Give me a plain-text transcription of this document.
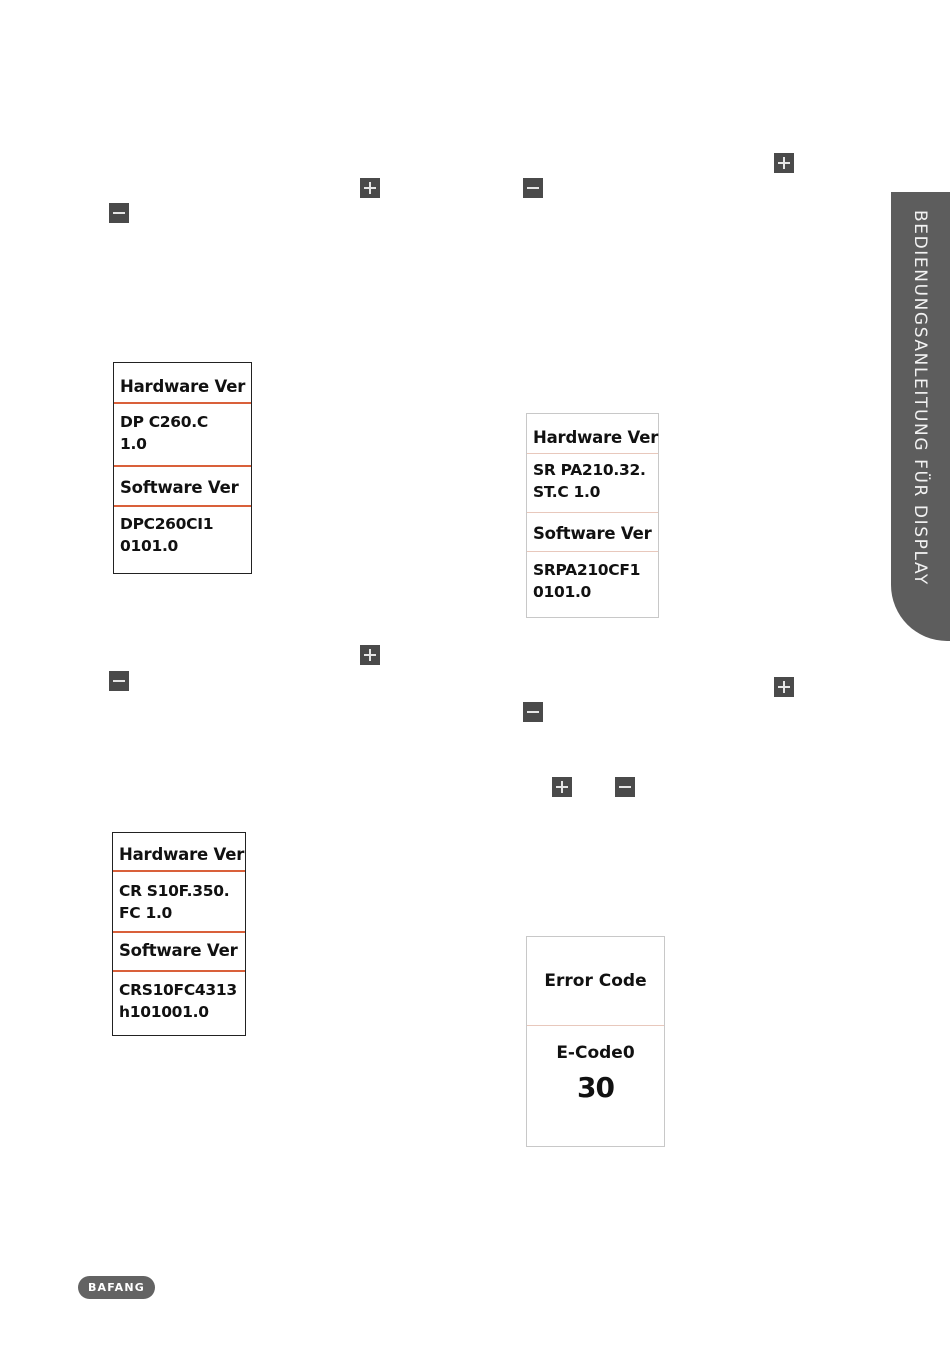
Hardware Ver
DP C260.C
1.0
Software Ver
DPC260CI1
0101.0
Hardware Ver
CR S10F.350.
FC 1.0
Software Ver
CRS10FC4313
h101001.0
Hardware Ver
SR PA210.32.
ST.C 1.0
Software Ver
SRPA210CF1
0101.0
Error Code
E-Code0
30
BEDIENUNGSANLEITUNG FÜR DISPLAY
BAFANG
